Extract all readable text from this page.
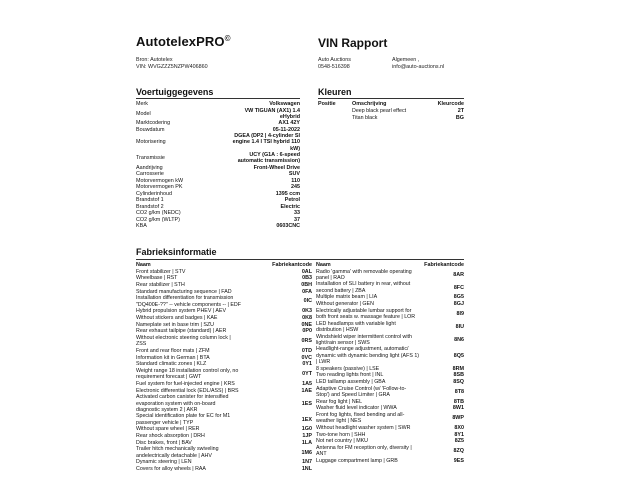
AutotelexPRO©	VIN Rapport
Bron: Autotelex
VIN: WVGZZZ5NZPW406860
Auto Auctions
0548-516398
Algemeen ,
info@auto-auctions.nl
Voertuiggegevens
Merk	Volkswagen
Model	VW TIGUAN (AX1) 1.4
eHybrid
Marktcodering	AX1 42Y
Bouwdatum	05-11-2022
Motorisering
DGEA (DP2 | 4-cylinder SI
engine 1.4 l TSI hybrid 110
kW)
Transmissie	UCY (G1A : 6-speed
automatic transmission)
Aandrijving	Front-Wheel Drive
Carrosserie	SUV
Motorvermogen kW	110
Motorvermogen PK	245
Cylinderinhoud	1395 ccm
Brandstof 1	Petrol
Brandstof 2	Electric
CO2 g/km (NEDC)	33
CO2 g/km (WLTP)	37
KBA	0603CNC
Kleuren
Positie	Omschrijving	Kleurcode
Deep black pearl effect	2T
Titan black	BG
Fabrieksinformatie
Naam	Fabriekantcode Naam	Fabriekantcode
Front stabilizer | STV	0AL
Wheelbase | RST	0B3
Rear stabilizer | STH	0BH
Standard manufacturing sequence | FAD	0FA
Installation differentiation for transmission
"DQ400E-??" -- vehicle components -- | EDF
0IC
Hybrid propulsion system PHEV | AEV	0K3
Without stickers and badges | KAE	0K8
Nameplate set in base trim | SZU	0NE
Rear exhaust tailpipe (standard) | AER	0P0
Without electronic steering column lock |
ZSS
0RS
Front and rear floor mats | ZFM	0TD
Information kit in German | BTA	0VC
Standard climatic zones | KLZ	0Y1
Weight range 18 installation control only, no
requirement forecast | GWT
0YT
Fuel system for fuel-injected engine | KRS	1A5
Electronic differential lock (EDL/ASS) | BRS	1AE
Activated carbon canister for intensified
evaporation system with on-board
diagnostic system 2 | AKR
1ES
Special identification plate for EC for M1
passenger vehicle | TYP
1EX
Without spare wheel | RER	1G0
Rear shock absorption | DRH	1JP
Disc brakes, front | BAV	1LA
Trailer hitch mechanically swiveling
andelectrically detachable | AHV
1M6
Dynamic steering | LEN	1N7
Covers for alloy wheels | RAA	1NL
Radio 'gamma' with removable operating
panel | RAO
8AR
Installation of SLI battery in rear, without
second battery | ZBA
8FC
Multiple matrix beam | LIA	8G5
Without generator | GEN	8GJ
Electrically adjustable lumbar support for
both front seats w. massage feature | LOR
8I9
LED headlamps with variable light
distribution | HSW
8IU
Windshield wiper intermittent control with
light/rain sensor | SWS
8N6
Headlight-range adjustment, automatic/
dynamic with dynamic bending light (AFS 1)
| LWR
8Q5
8 speakers (passive) | LSE	8RM
Two reading lights front | INL	8SB
LED taillamp assembly | GBA	8SQ
Adaptive Cruise Control (w/ 'Follow-to-
Stop') and Speed Limiter | GRA
8T8
Rear fog light | NEL	8TB
Washer fluid level indicator | WWA	8W1
Front fog lights, fixed bending and all-
weather light | NES
8WP
Without headlight washer system | SWR	8X0
Two-tone horn | SHH	8Y1
Not net country | MKU	8Z5
Antenna for FM reception only, diversity |
ANT
8ZQ
Luggage compartment lamp | GRB	9ES
